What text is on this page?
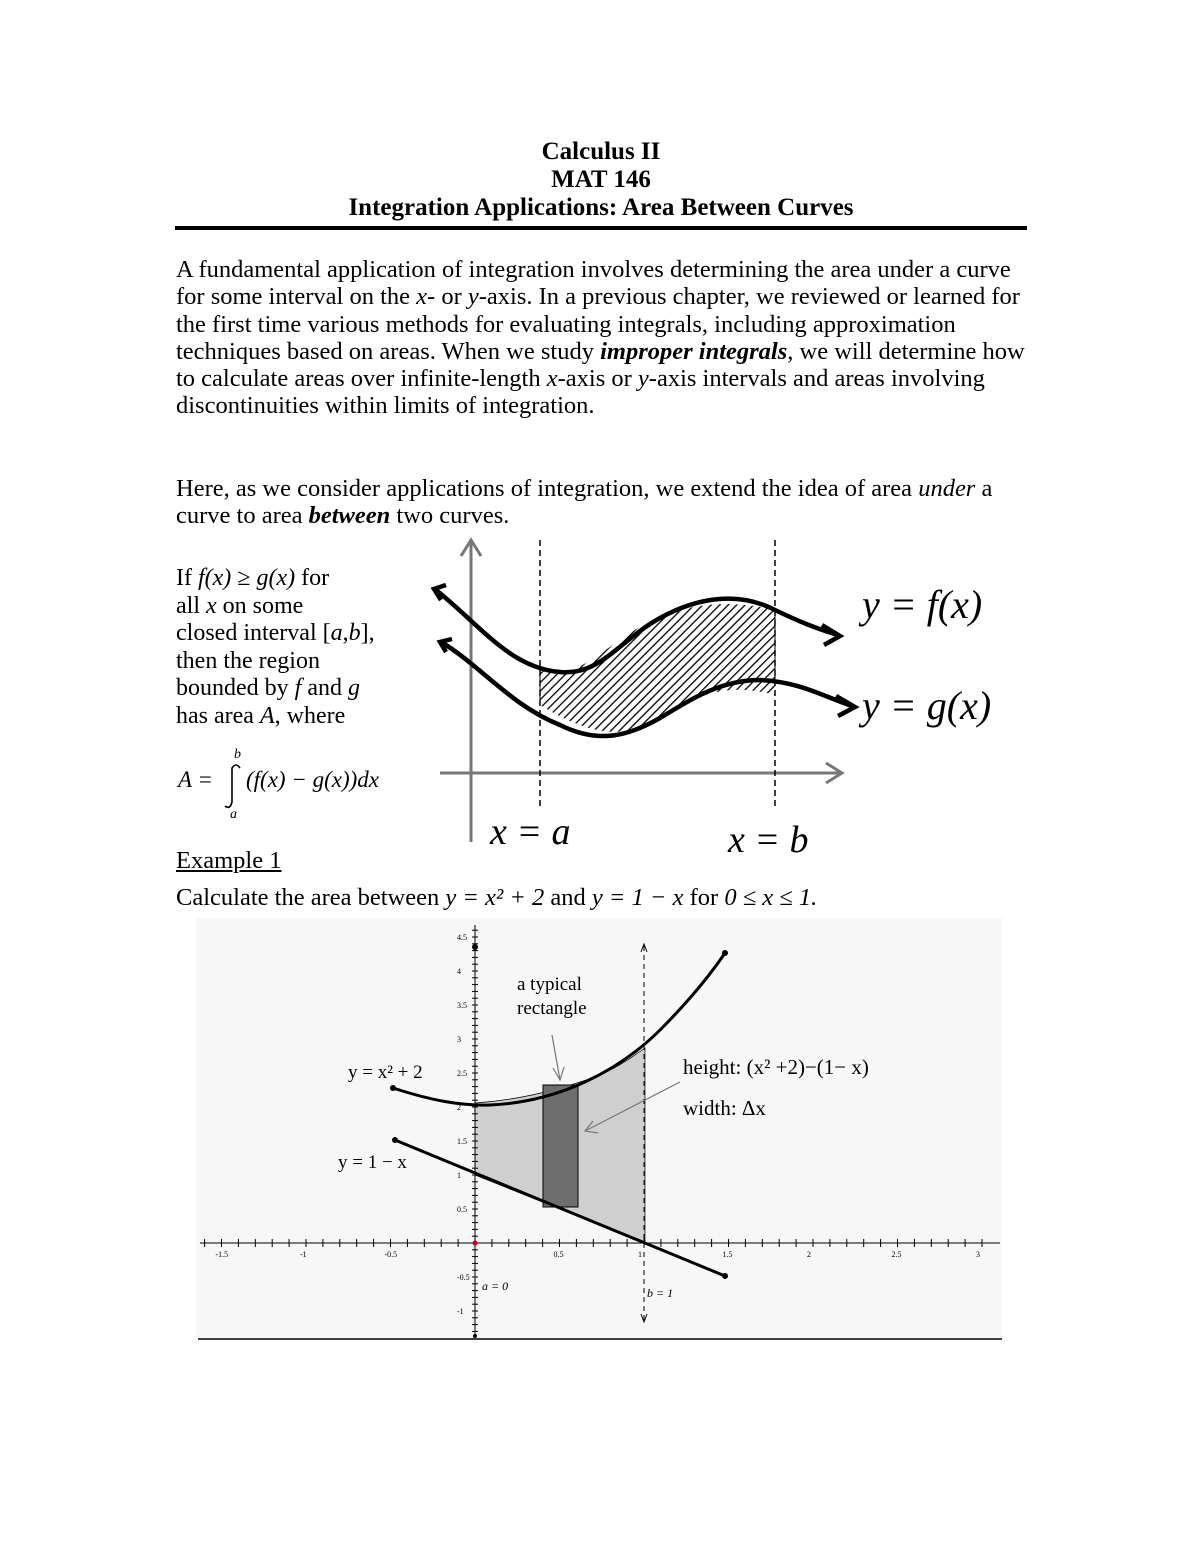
Calculus II
MAT 146
Integration Applications: Area Between Curves
A fundamental application of integration involves determining the area under a curve for some interval on the x- or y-axis. In a previous chapter, we reviewed or learned for the first time various methods for evaluating integrals, including approximation techniques based on areas. When we study improper integrals, we will determine how to calculate areas over infinite-length x-axis or y-axis intervals and areas involving discontinuities within limits of integration.
Here, as we consider applications of integration, we extend the idea of area under a curve to area between two curves.
If f(x) ≥ g(x) for
all x on some
closed interval [a,b],
then the region
bounded by f and g
has area A, where
b
A = (f(x) − g(x))dx
a
y = f(x)
y = g(x)
x = a	x = b
Example 1
Calculate the area between y = x² + 2 and y = 1 − x for 0 ≤ x ≤ 1.
-1.5	-1	-0.5	0.5	1	1.5	2	2.5	3
4.5
4
3.5
3
2.5
2
1.5
1
0.5
-0.5
-1
a typical
rectangle
y = x² + 2
y = 1 − x
height: (x² +2)−(1− x)
width: Δx
a = 0	b = 1
